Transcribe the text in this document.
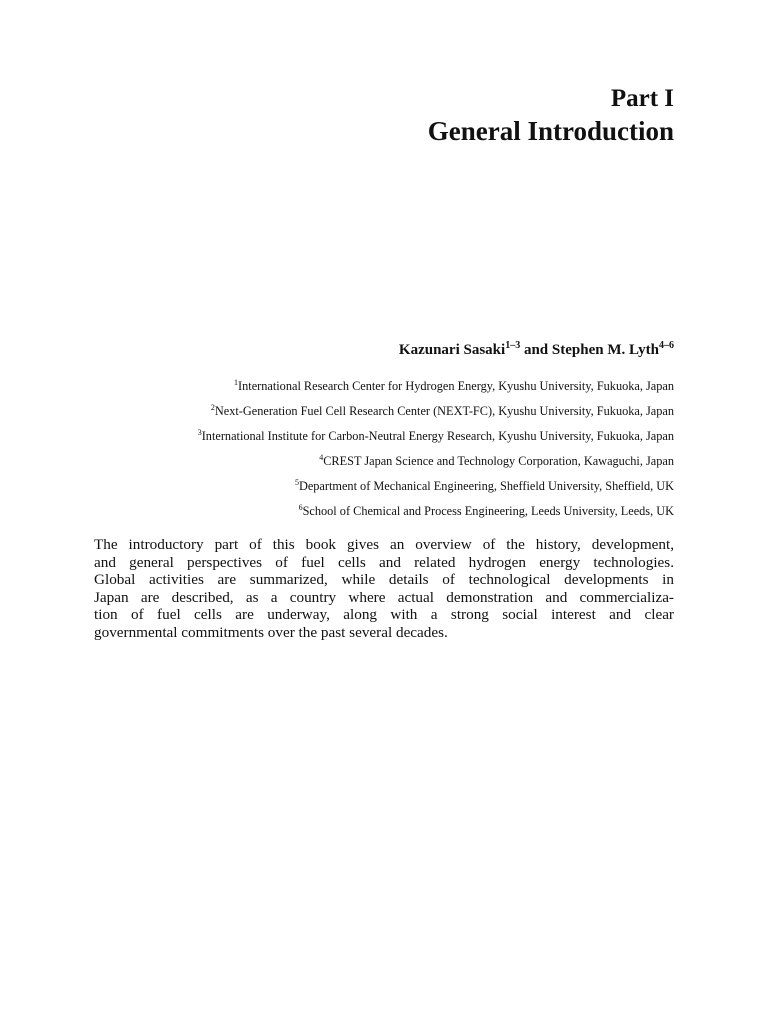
Part I
General Introduction
Kazunari Sasaki$^{1-3}$ and Stephen M. Lyth$^{4-6}$
$^1$International Research Center for Hydrogen Energy, Kyushu University, Fukuoka, Japan
$^2$Next-Generation Fuel Cell Research Center (NEXT-FC), Kyushu University, Fukuoka, Japan
$^3$International Institute for Carbon-Neutral Energy Research, Kyushu University, Fukuoka, Japan
$^4$CREST Japan Science and Technology Corporation, Kawaguchi, Japan
$^5$Department of Mechanical Engineering, Sheffield University, Sheffield, UK
$^6$School of Chemical and Process Engineering, Leeds University, Leeds, UK
The introductory part of this book gives an overview of the history, development,
and general perspectives of fuel cells and related hydrogen energy technologies.
Global activities are summarized, while details of technological developments in
Japan are described, as a country where actual demonstration and commercializa-
tion of fuel cells are underway, along with a strong social interest and clear
governmental commitments over the past several decades.
